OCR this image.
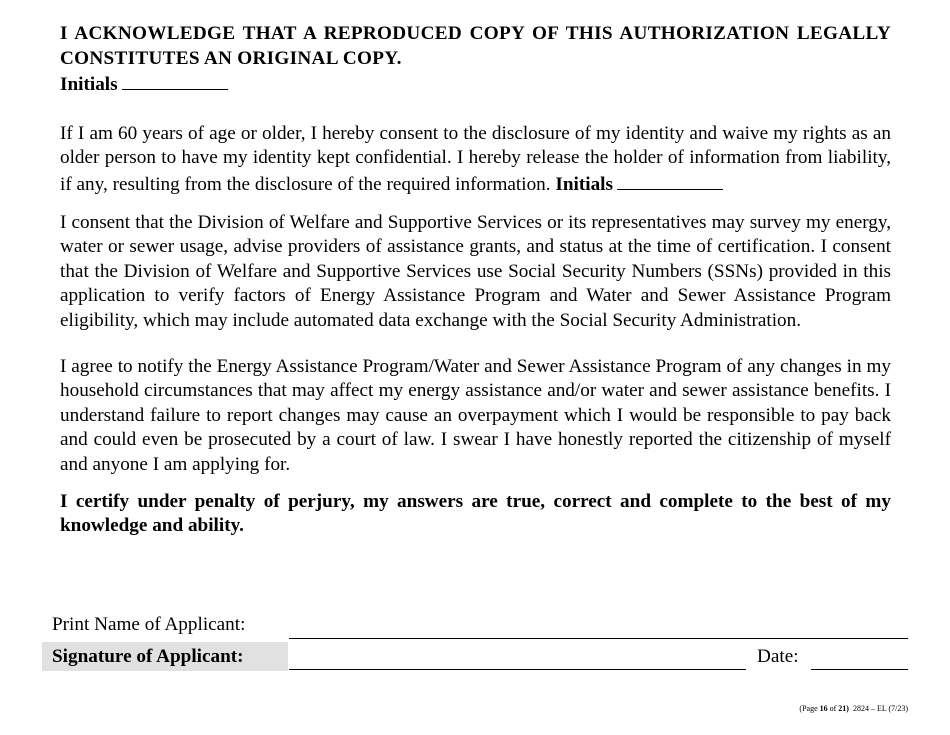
I ACKNOWLEDGE THAT A REPRODUCED COPY OF THIS AUTHORIZATION LEGALLY CONSTITUTES AN ORIGINAL COPY.

Initials

If I am 60 years of age or older, I hereby consent to the disclosure of my identity and waive my rights as an older person to have my identity kept confidential. I hereby release the holder of information from liability, if any, resulting from the disclosure of the required information. Initials

I consent that the Division of Welfare and Supportive Services or its representatives may survey my energy, water or sewer usage, advise providers of assistance grants, and status at the time of certification. I consent that the Division of Welfare and Supportive Services use Social Security Numbers (SSNs) provided in this application to verify factors of Energy Assistance Program and Water and Sewer Assistance Program eligibility, which may include automated data exchange with the Social Security Administration.

I agree to notify the Energy Assistance Program/Water and Sewer Assistance Program of any changes in my household circumstances that may affect my energy assistance and/or water and sewer assistance benefits. I understand failure to report changes may cause an overpayment which I would be responsible to pay back and could even be prosecuted by a court of law. I swear I have honestly reported the citizenship of myself and anyone I am applying for.

I certify under penalty of perjury, my answers are true, correct and complete to the best of my knowledge and ability.

Print Name of Applicant:
Signature of Applicant:	Date:
(Page 16 of 21) 2824 – EL (7/23)
